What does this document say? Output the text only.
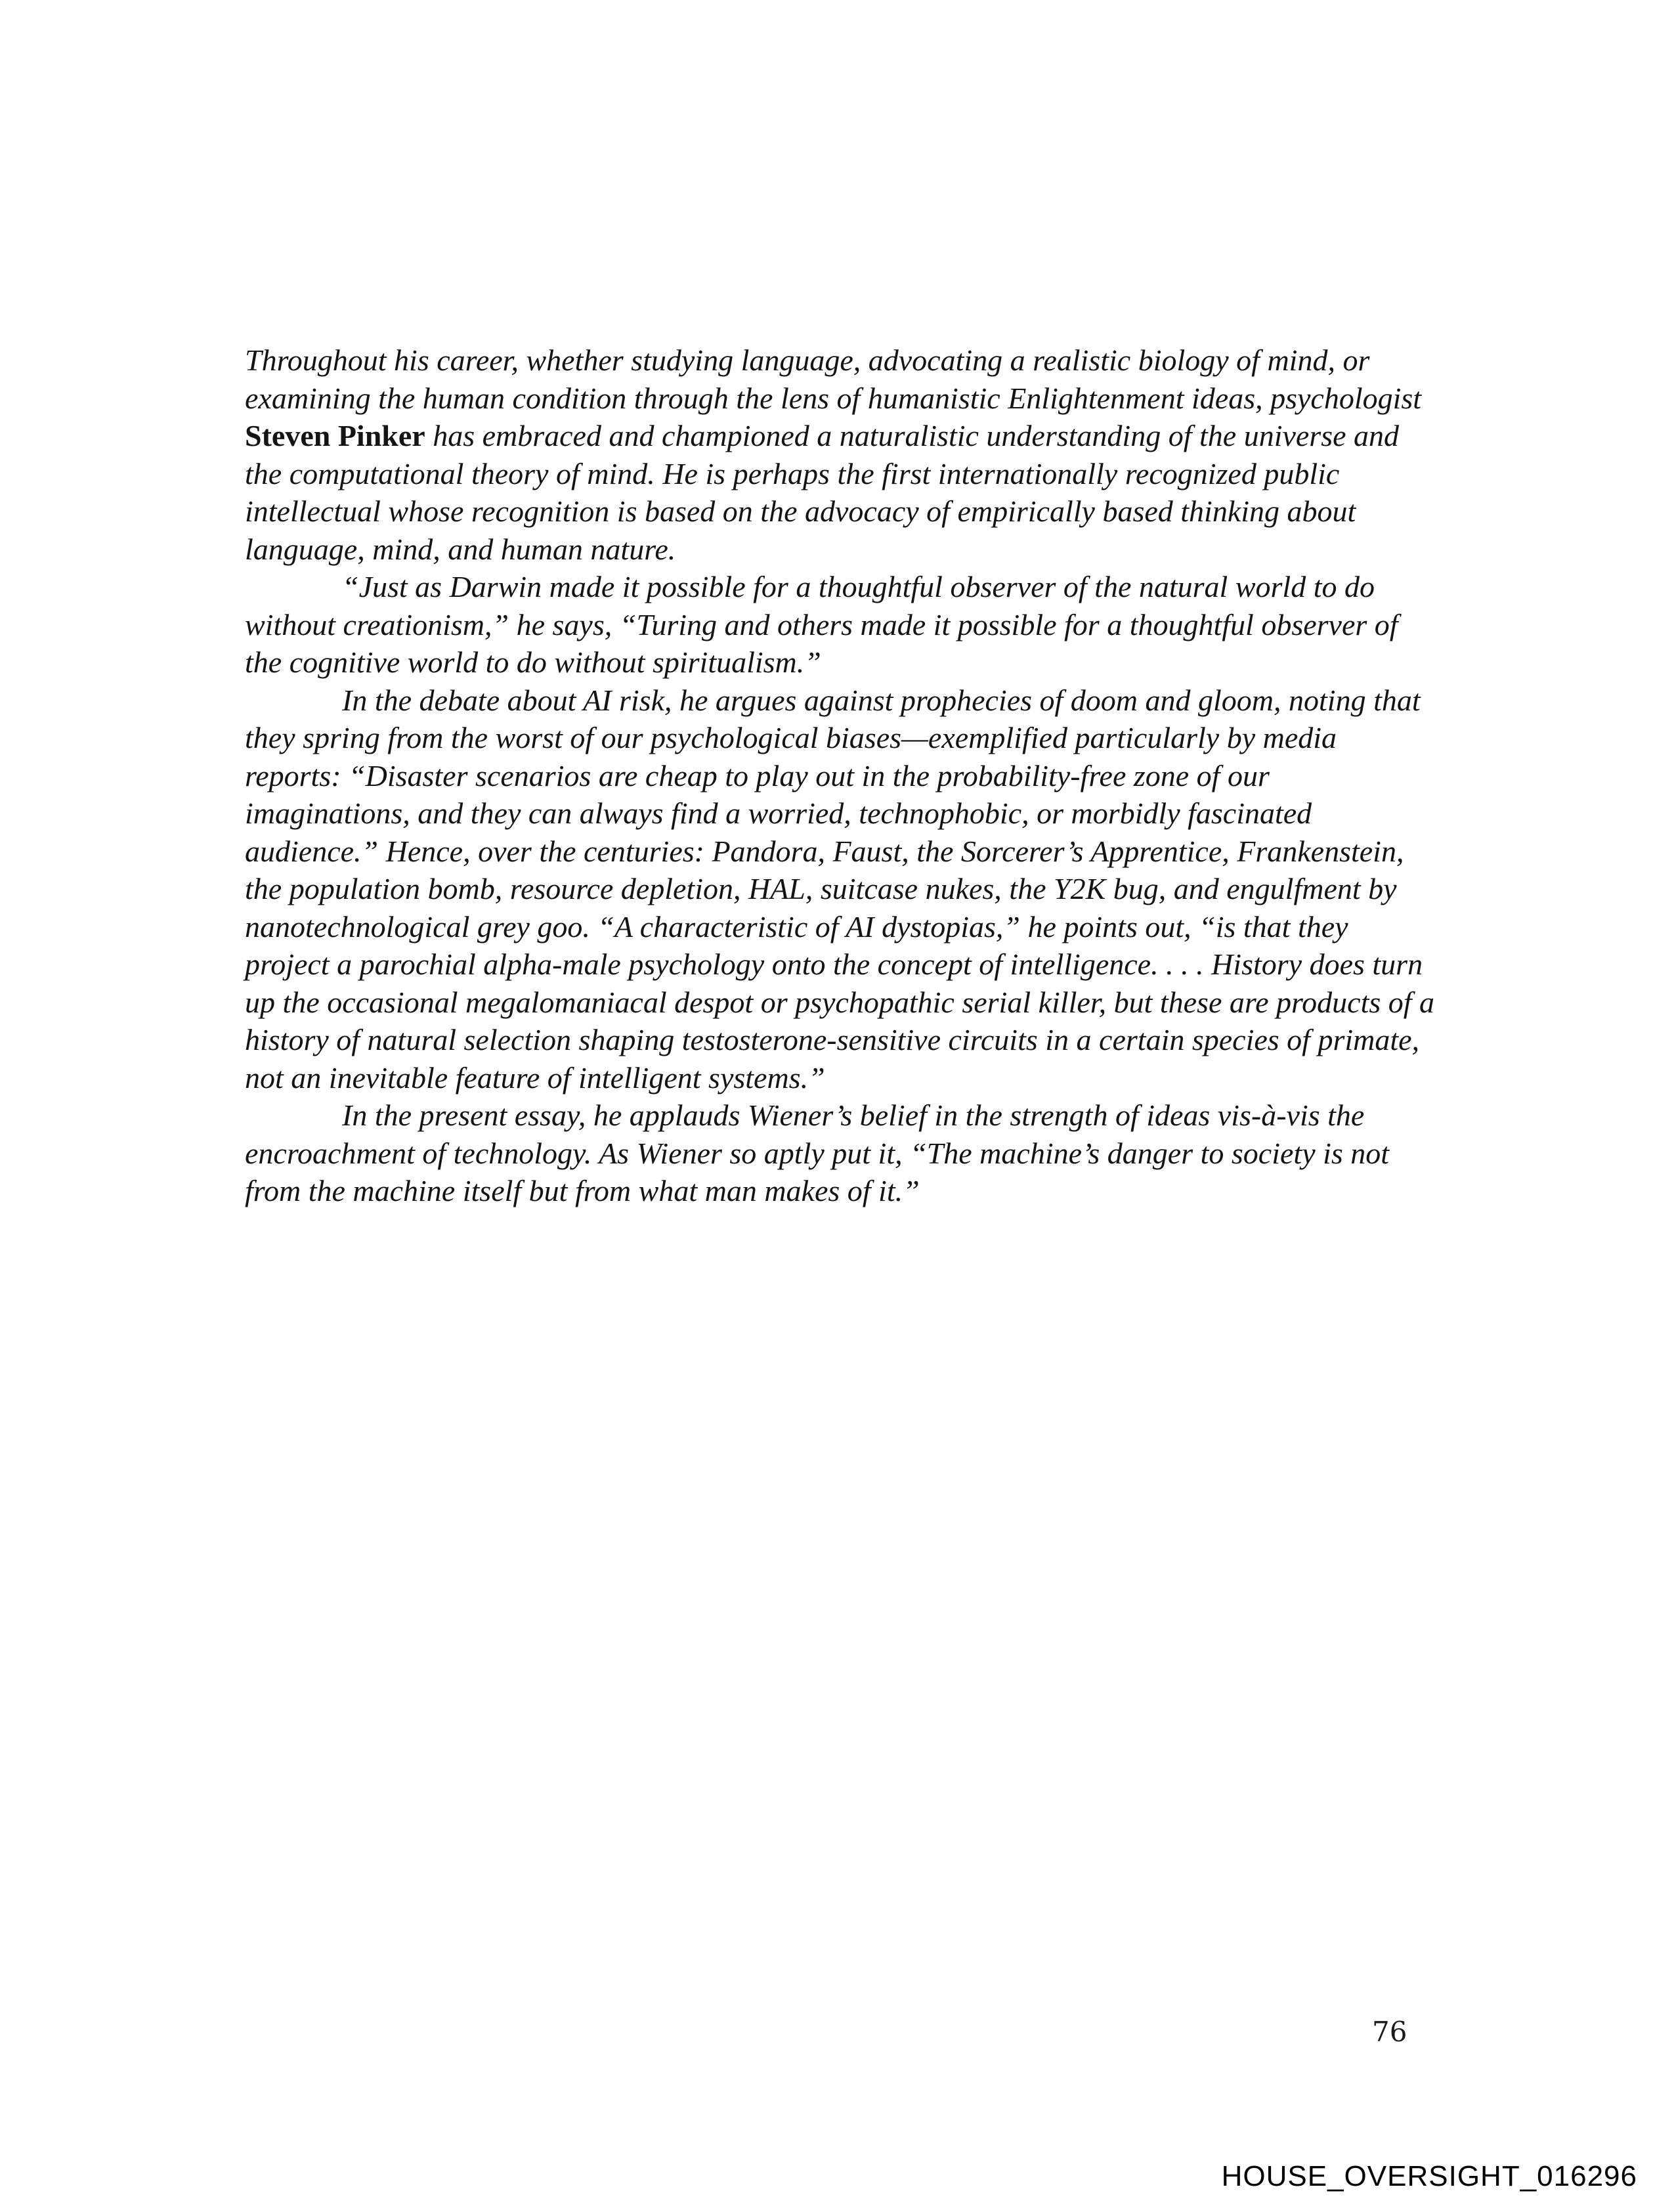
Throughout his career, whether studying language, advocating a realistic biology of mind, or examining the human condition through the lens of humanistic Enlightenment ideas, psychologist Steven Pinker has embraced and championed a naturalistic understanding of the universe and the computational theory of mind. He is perhaps the first internationally recognized public intellectual whose recognition is based on the advocacy of empirically based thinking about language, mind, and human nature.

“Just as Darwin made it possible for a thoughtful observer of the natural world to do without creationism,” he says, “Turing and others made it possible for a thoughtful observer of the cognitive world to do without spiritualism.”

In the debate about AI risk, he argues against prophecies of doom and gloom, noting that they spring from the worst of our psychological biases—exemplified particularly by media reports: “Disaster scenarios are cheap to play out in the probability-free zone of our imaginations, and they can always find a worried, technophobic, or morbidly fascinated audience.” Hence, over the centuries: Pandora, Faust, the Sorcerer’s Apprentice, Frankenstein, the population bomb, resource depletion, HAL, suitcase nukes, the Y2K bug, and engulfment by nanotechnological grey goo. “A characteristic of AI dystopias,” he points out, “is that they project a parochial alpha-male psychology onto the concept of intelligence. . . . History does turn up the occasional megalomaniacal despot or psychopathic serial killer, but these are products of a history of natural selection shaping testosterone-sensitive circuits in a certain species of primate, not an inevitable feature of intelligent systems.”

In the present essay, he applauds Wiener’s belief in the strength of ideas vis-à-vis the encroachment of technology. As Wiener so aptly put it, “The machine’s danger to society is not from the machine itself but from what man makes of it.”

76
HOUSE_OVERSIGHT_016296
